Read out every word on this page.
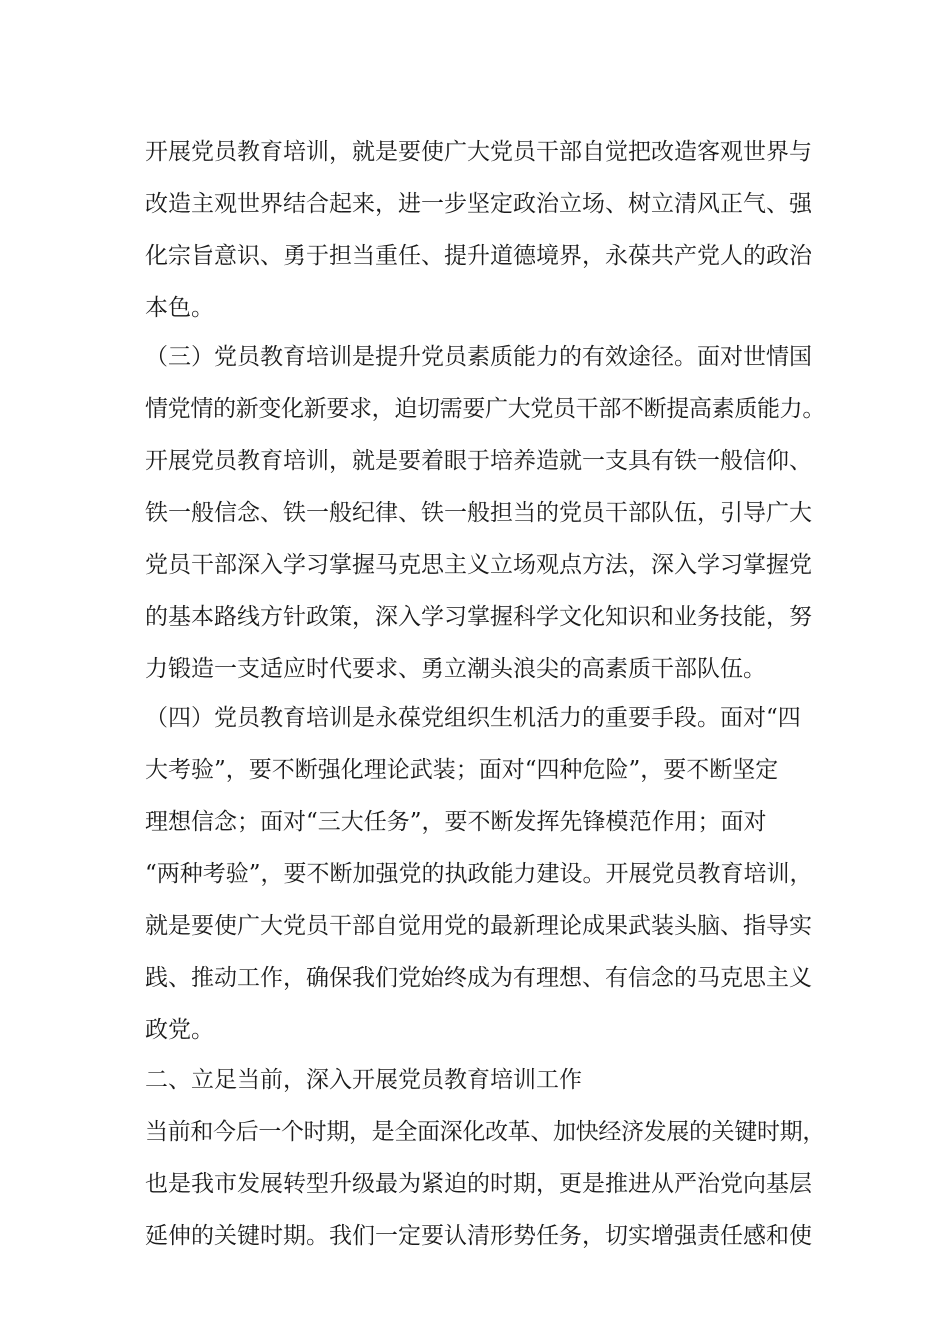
开展党员教育培训，就是要使广大党员干部自觉把改造客观世界与
改造主观世界结合起来，进一步坚定政治立场、树立清风正气、强
化宗旨意识、勇于担当重任、提升道德境界，永葆共产党人的政治
本色。
（三）党员教育培训是提升党员素质能力的有效途径。面对世情国
情党情的新变化新要求，迫切需要广大党员干部不断提高素质能力。
开展党员教育培训，就是要着眼于培养造就一支具有铁一般信仰、
铁一般信念、铁一般纪律、铁一般担当的党员干部队伍，引导广大
党员干部深入学习掌握马克思主义立场观点方法，深入学习掌握党
的基本路线方针政策，深入学习掌握科学文化知识和业务技能，努
力锻造一支适应时代要求、勇立潮头浪尖的高素质干部队伍。
（四）党员教育培训是永葆党组织生机活力的重要手段。面对“四
大考验”，要不断强化理论武装；面对“四种危险”，要不断坚定
理想信念；面对“三大任务”，要不断发挥先锋模范作用；面对
“两种考验”，要不断加强党的执政能力建设。开展党员教育培训，
就是要使广大党员干部自觉用党的最新理论成果武装头脑、指导实
践、推动工作，确保我们党始终成为有理想、有信念的马克思主义
政党。
二、立足当前，深入开展党员教育培训工作
当前和今后一个时期，是全面深化改革、加快经济发展的关键时期，
也是我市发展转型升级最为紧迫的时期，更是推进从严治党向基层
延伸的关键时期。我们一定要认清形势任务，切实增强责任感和使
